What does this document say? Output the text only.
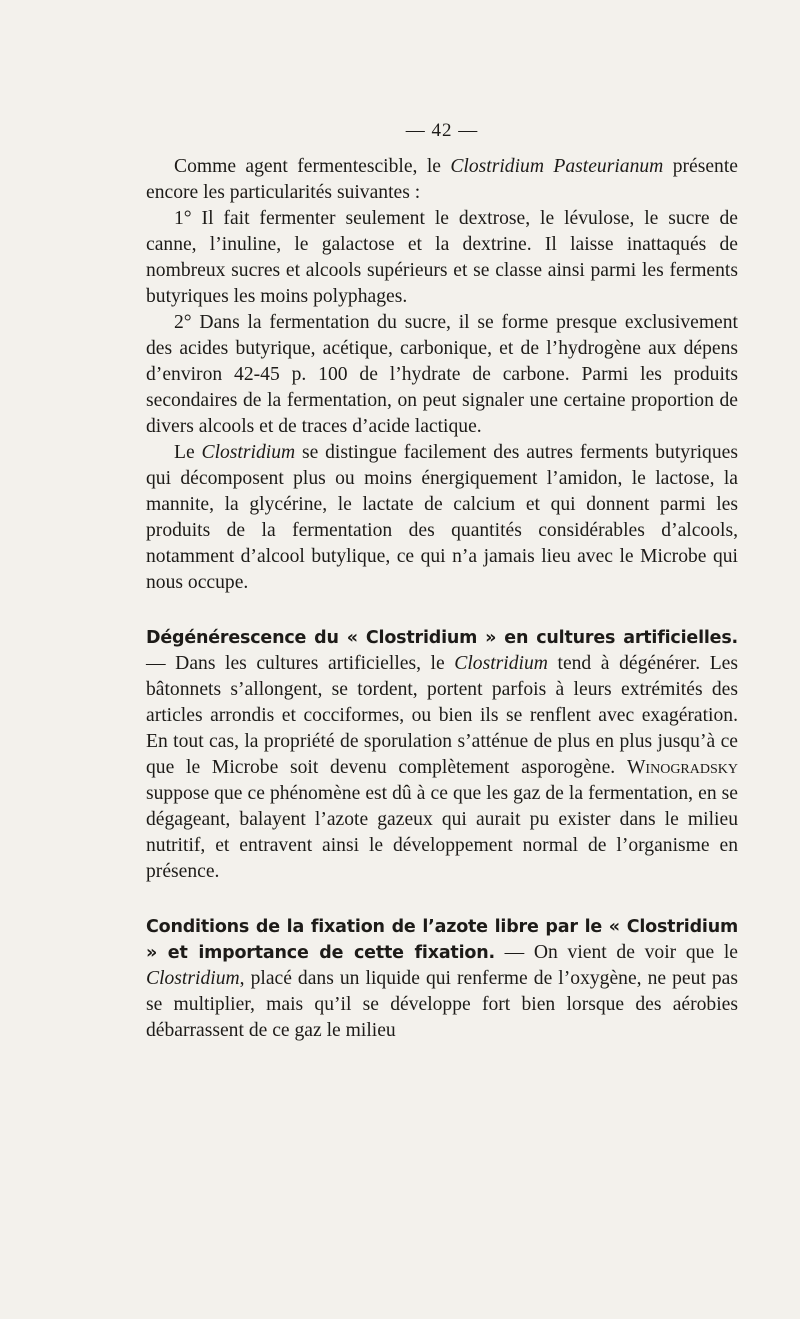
— 42 —

Comme agent fermentescible, le Clostridium Pasteurianum présente encore les particularités suivantes :

1° Il fait fermenter seulement le dextrose, le lévulose, le sucre de canne, l’inuline, le galactose et la dextrine. Il laisse inattaqués de nombreux sucres et alcools supérieurs et se classe ainsi parmi les ferments butyriques les moins polyphages.

2° Dans la fermentation du sucre, il se forme presque exclusivement des acides butyrique, acétique, carbonique, et de l’hydrogène aux dépens d’environ 42-45 p. 100 de l’hydrate de carbone. Parmi les produits secondaires de la fermentation, on peut signaler une certaine proportion de divers alcools et de traces d’acide lactique.

Le Clostridium se distingue facilement des autres ferments butyriques qui décomposent plus ou moins énergiquement l’amidon, le lactose, la mannite, la glycérine, le lactate de calcium et qui donnent parmi les produits de la fermentation des quantités considérables d’alcools, notamment d’alcool butylique, ce qui n’a jamais lieu avec le Microbe qui nous occupe.

Dégénérescence du « Clostridium » en cultures artificielles. — Dans les cultures artificielles, le Clostridium tend à dégénérer. Les bâtonnets s’allongent, se tordent, portent parfois à leurs extrémités des articles arrondis et cocciformes, ou bien ils se renflent avec exagération. En tout cas, la propriété de sporulation s’atténue de plus en plus jusqu’à ce que le Microbe soit devenu complètement asporogène. Winogradsky suppose que ce phénomène est dû à ce que les gaz de la fermentation, en se dégageant, balayent l’azote gazeux qui aurait pu exister dans le milieu nutritif, et entravent ainsi le développement normal de l’organisme en présence.

Conditions de la fixation de l’azote libre par le « Clostridium » et importance de cette fixation. — On vient de voir que le Clostridium, placé dans un liquide qui renferme de l’oxygène, ne peut pas se multiplier, mais qu’il se développe fort bien lorsque des aérobies débarrassent de ce gaz le milieu
